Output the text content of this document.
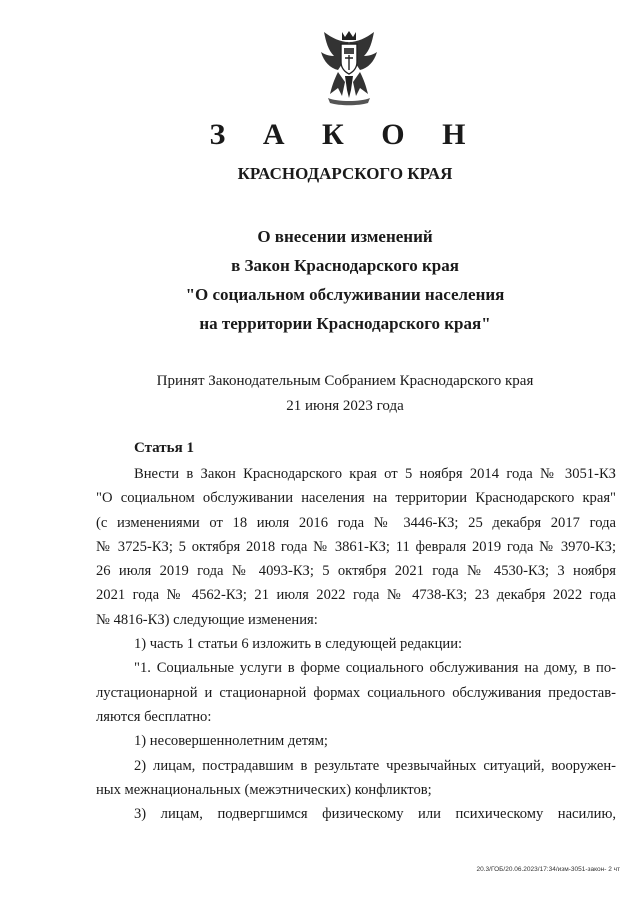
З А К О Н
КРАСНОДАРСКОГО КРАЯ
О внесении изменений
в Закон Краснодарского края
"О социальном обслуживании населения
на территории Краснодарского края"
Принят Законодательным Собранием Краснодарского края
21 июня 2023 года
Статья 1
Внести в Закон Краснодарского края от 5 ноября 2014 года № 3051-КЗ
"О социальном обслуживании населения на территории Краснодарского края"
(с изменениями от 18 июля 2016 года № 3446-КЗ; 25 декабря 2017 года
№ 3725-КЗ; 5 октября 2018 года № 3861-КЗ; 11 февраля 2019 года № 3970-КЗ;
26 июля 2019 года № 4093-КЗ; 5 октября 2021 года № 4530-КЗ; 3 ноября
2021 года № 4562-КЗ; 21 июля 2022 года № 4738-КЗ; 23 декабря 2022 года
№ 4816-КЗ) следующие изменения:
1) часть 1 статьи 6 изложить в следующей редакции:
"1. Социальные услуги в форме социального обслуживания на дому, в по-
лустационарной и стационарной формах социального обслуживания предостав-
ляются бесплатно:
1) несовершеннолетним детям;
2) лицам, пострадавшим в результате чрезвычайных ситуаций, вооружен-
ных межнациональных (межэтнических) конфликтов;
3) лицам, подвергшимся физическому или психическому насилию,
20.3/ГОБ/20.06.2023/17:34/изм-3051-закон- 2 чт
